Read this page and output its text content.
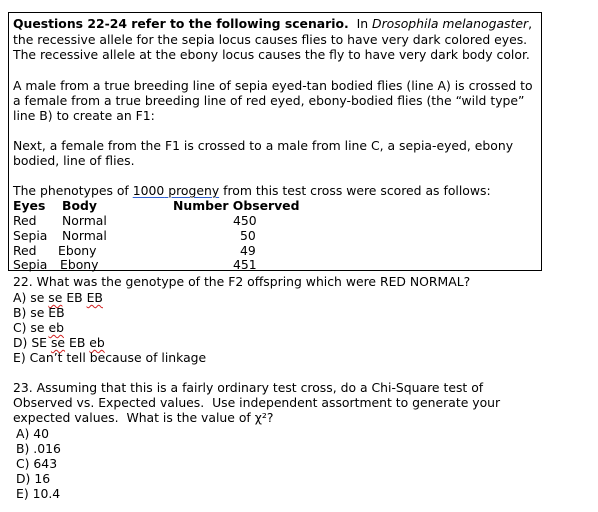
Questions 22-24 refer to the following scenario.  In Drosophila melanogaster,
the recessive allele for the sepia locus causes flies to have very dark colored eyes.
The recessive allele at the ebony locus causes the fly to have very dark body color.
A male from a true breeding line of sepia eyed-tan bodied flies (line A) is crossed to
a female from a true breeding line of red eyed, ebony-bodied flies (the “wild type”
line B) to create an F1:
Next, a female from the F1 is crossed to a male from line C, a sepia-eyed, ebony
bodied, line of flies.
The phenotypes of 1000 progeny from this test cross were scored as follows:
Eyes Body	Number Observed
Red Normal	450
Sepia Normal	50
Red Ebony	49
Sepia Ebony	451
22. What was the genotype of the F2 offspring which were RED NORMAL?
A) se se EB EB
B) se EB
C) se eb
D) SE se EB eb
E) Can’t tell because of linkage
23. Assuming that this is a fairly ordinary test cross, do a Chi-Square test of
Observed vs. Expected values.  Use independent assortment to generate your
expected values.  What is the value of χ²?
A) 40
B) .016
C) 643
D) 16
E) 10.4
